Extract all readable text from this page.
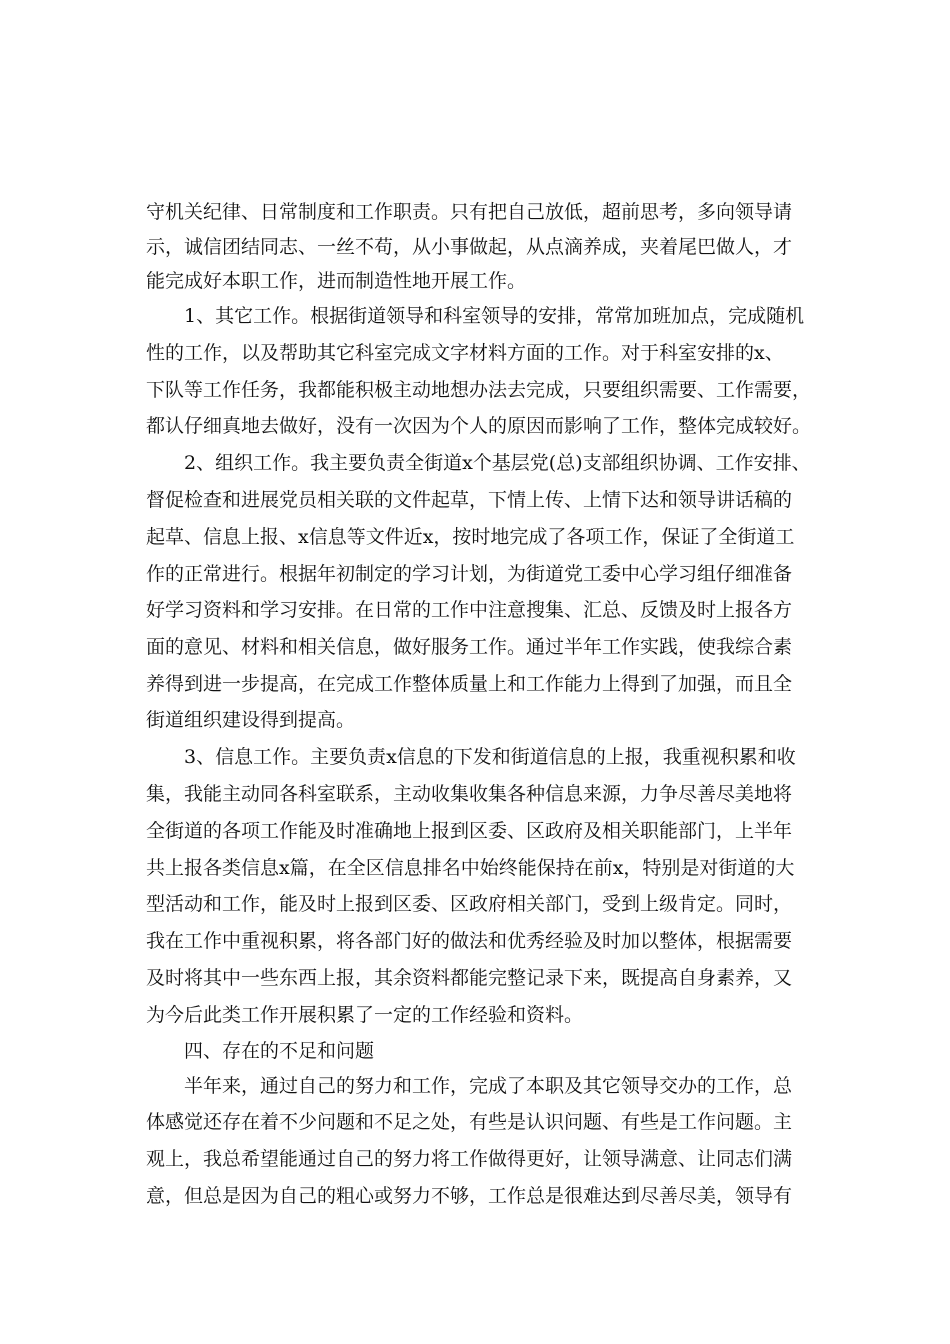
守机关纪律、日常制度和工作职责。只有把自己放低，超前思考，多向领导请
示，诚信团结同志、一丝不苟，从小事做起，从点滴养成，夹着尾巴做人，才
能完成好本职工作，进而制造性地开展工作。
1、其它工作。根据街道领导和科室领导的安排，常常加班加点，完成随机
性的工作，以及帮助其它科室完成文字材料方面的工作。对于科室安排的x、
下队等工作任务，我都能积极主动地想办法去完成，只要组织需要、工作需要，
都认仔细真地去做好，没有一次因为个人的原因而影响了工作，整体完成较好。
2、组织工作。我主要负责全街道x个基层党(总)支部组织协调、工作安排、
督促检查和进展党员相关联的文件起草，下情上传、上情下达和领导讲话稿的
起草、信息上报、x信息等文件近x，按时地完成了各项工作，保证了全街道工
作的正常进行。根据年初制定的学习计划，为街道党工委中心学习组仔细准备
好学习资料和学习安排。在日常的工作中注意搜集、汇总、反馈及时上报各方
面的意见、材料和相关信息，做好服务工作。通过半年工作实践，使我综合素
养得到进一步提高，在完成工作整体质量上和工作能力上得到了加强，而且全
街道组织建设得到提高。
3、信息工作。主要负责x信息的下发和街道信息的上报，我重视积累和收
集，我能主动同各科室联系，主动收集收集各种信息来源，力争尽善尽美地将
全街道的各项工作能及时准确地上报到区委、区政府及相关职能部门，上半年
共上报各类信息x篇，在全区信息排名中始终能保持在前x，特别是对街道的大
型活动和工作，能及时上报到区委、区政府相关部门，受到上级肯定。同时，
我在工作中重视积累，将各部门好的做法和优秀经验及时加以整体，根据需要
及时将其中一些东西上报，其余资料都能完整记录下来，既提高自身素养，又
为今后此类工作开展积累了一定的工作经验和资料。
四、存在的不足和问题
半年来，通过自己的努力和工作，完成了本职及其它领导交办的工作，总
体感觉还存在着不少问题和不足之处，有些是认识问题、有些是工作问题。主
观上，我总希望能通过自己的努力将工作做得更好，让领导满意、让同志们满
意，但总是因为自己的粗心或努力不够，工作总是很难达到尽善尽美，领导有
